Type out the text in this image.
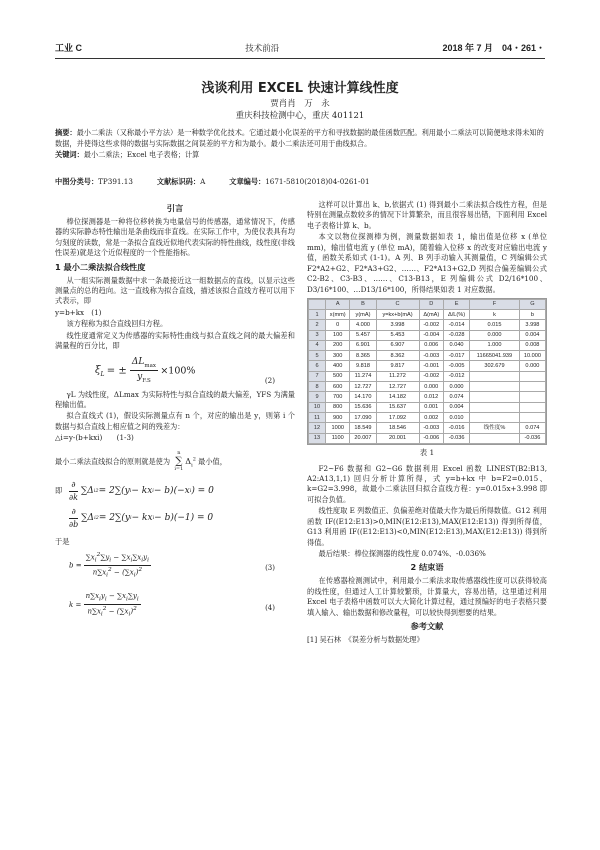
工业 C	技术前沿	2018 年 7 月　04・261・
浅谈利用 EXCEL 快速计算线性度
贾肖肖　万　永
重庆科技检测中心，重庆 401121
摘要：最小二乘法（又称最小平方法）是一种数学优化技术。它通过最小化误差的平方和寻找数据的最佳函数匹配。利用最小二乘法可以简便地求得未知的数据，并使得这些求得的数据与实际数据之间误差的平方和为最小。最小二乘法还可用于曲线拟合。
关键词：最小二乘法；Excel 电子表格；计算
中图分类号：TP391.13	文献标识码：A	文章编号：1671-5810(2018)04-0261-01
引言

棒位探测器是一种将位移转换为电量信号的传感器，通常情况下，传感器的实际静态特性输出是条曲线而非直线。在实际工作中，为使仪表具有均匀刻度的读数，常是一条拟合直线近似地代表实际的特性曲线，线性度(非线性误差)就是这个近似程度的一个性能指标。

1 最小二乘法拟合线性度

从一组实际测量数据中求一条最接近这一组数据点的直线，以显示这些测量点的总的趋向。这一直线称为拟合直线，描述该拟合直线方程可以用下式表示，即

y=b+kx　(1)

该方程称为拟合直线回归方程。

线性度通常定义为传感器的实际特性曲线与拟合直线之间的最大偏差和满量程的百分比，即

$\xi_L$ = ±
$\Delta L_{max}$
$y_{F.S}$
×100%
(2)

γL 为线性度，ΔLmax 为实际特性与拟合直线的最大偏差，YFS 为满量程输出值。

拟合直线式 (1)，假设实际测量点有 n 个，对应的输出是 y，则第 i 个数据与拟合直线上相应值之间的残差为：

△i=y-(b+kxi)　　(1-3)

最小二乘法直线拟合的原则就是使为
n
∑
i=1
$\Delta_i^2$ 最小值，
即
∂
∂k
∑Δ i 2 = 2∑(y i − kx i − b)(−x i ) = 0
∂
∂b
∑Δ i 2 = 2∑(y i − kx i − b)(−1) = 0

于是

b =
$\sum x_i^2\sum y_i - \sum x_i\sum x_iy_i$
$n\sum x_i^2 - (\sum x_i)^2$	(3)
k =
$n\sum x_iy_i - \sum x_i\sum y_i$
$n\sum x_i^2 - (\sum x_i)^2$	(4)

这样可以计算出 k、b,依据式 (1) 得到最小二乘法拟合线性方程，但是特别在测量点数较多的情况下计算繁杂，而且很容易出错，下面利用 Excel 电子表格计算 k、b。

本文以物位探测棒为例，测量数据如表 1，输出值是位移 x (单位 mm)，输出值电流 y (单位 mA)，随着输入位移 x 的改变对应输出电流 y 值，函数关系如式 (1-1)。A 列、B 列手动输入其测量值，C 列编辑公式 F2*A2+G2、F2*A3+G2、……、F2*A13+G2,D 列拟合偏差编辑公式 C2-B2、C3-B3、……、C13-B13，E 列编辑公式 D2/16*100、D3/16*100、…D13/16*100，所得结果如表 1 对应数据。

	A	B	C	D	E	F	G
1	x(mm)	y(mA)	y=kx+b(mA)	Δ(mA)	Δ/L(%)	k	b
2	0	4.000	3.998	-0.002	-0.014	0.015	3.998
3	100	5.457	5.453	-0.004	-0.028	0.000	0.004
4	200	6.901	6.907	0.006	0.040	1.000	0.008
5	300	8.365	8.362	-0.003	-0.017	11665041.939	10.000
6	400	9.818	9.817	-0.001	-0.005	302.679	0.000
7	500	11.274	11.272	-0.002	-0.012		
8	600	12.727	12.727	0.000	0.000		
9	700	14.170	14.182	0.012	0.074		
10	800	15.636	15.637	0.001	0.004		
11	900	17.090	17.092	0.002	0.010		
12	1000	18.549	18.546	-0.003	-0.016	线性度%	0.074
13	1100	20.007	20.001	-0.006	-0.036		-0.036
表 1

F2~F6 数据和 G2~G6 数据利用 Excel 函数 LINEST(B2:B13, A2:A13,1,1) 回归分析计算所得，式 y=b+kx 中 b=F2=0.015、k=G2=3.998，故最小二乘法回归拟合直线方程：y=0.015x+3.998 即可拟合负值。

线性度取 E 列数值正、负偏差绝对值最大作为最后所得数值。G12 利用函数 IF((E12:E13)>0,MIN(E12:E13),MAX(E12:E13)) 得到所得值，G13 利用函 IF((E12:E13)<0,MIN(E12:E13),MAX(E12:E13)) 得到所得值。

最后结果：棒位探测器的线性度 0.074%、-0.036%

2 结束语

在传感器检测测试中，利用最小二乘法求取传感器线性度可以获得较高的线性度，但通过人工计算较繁琐，计算量大，容易出错，这里通过利用 Excel 电子表格中函数可以大大简化计算过程，通过预编好的电子表格只要填入输入、输出数据和修改量程，可以较快得到想要的结果。

参考文献

[1] 吴石林　《误差分析与数据处理》
